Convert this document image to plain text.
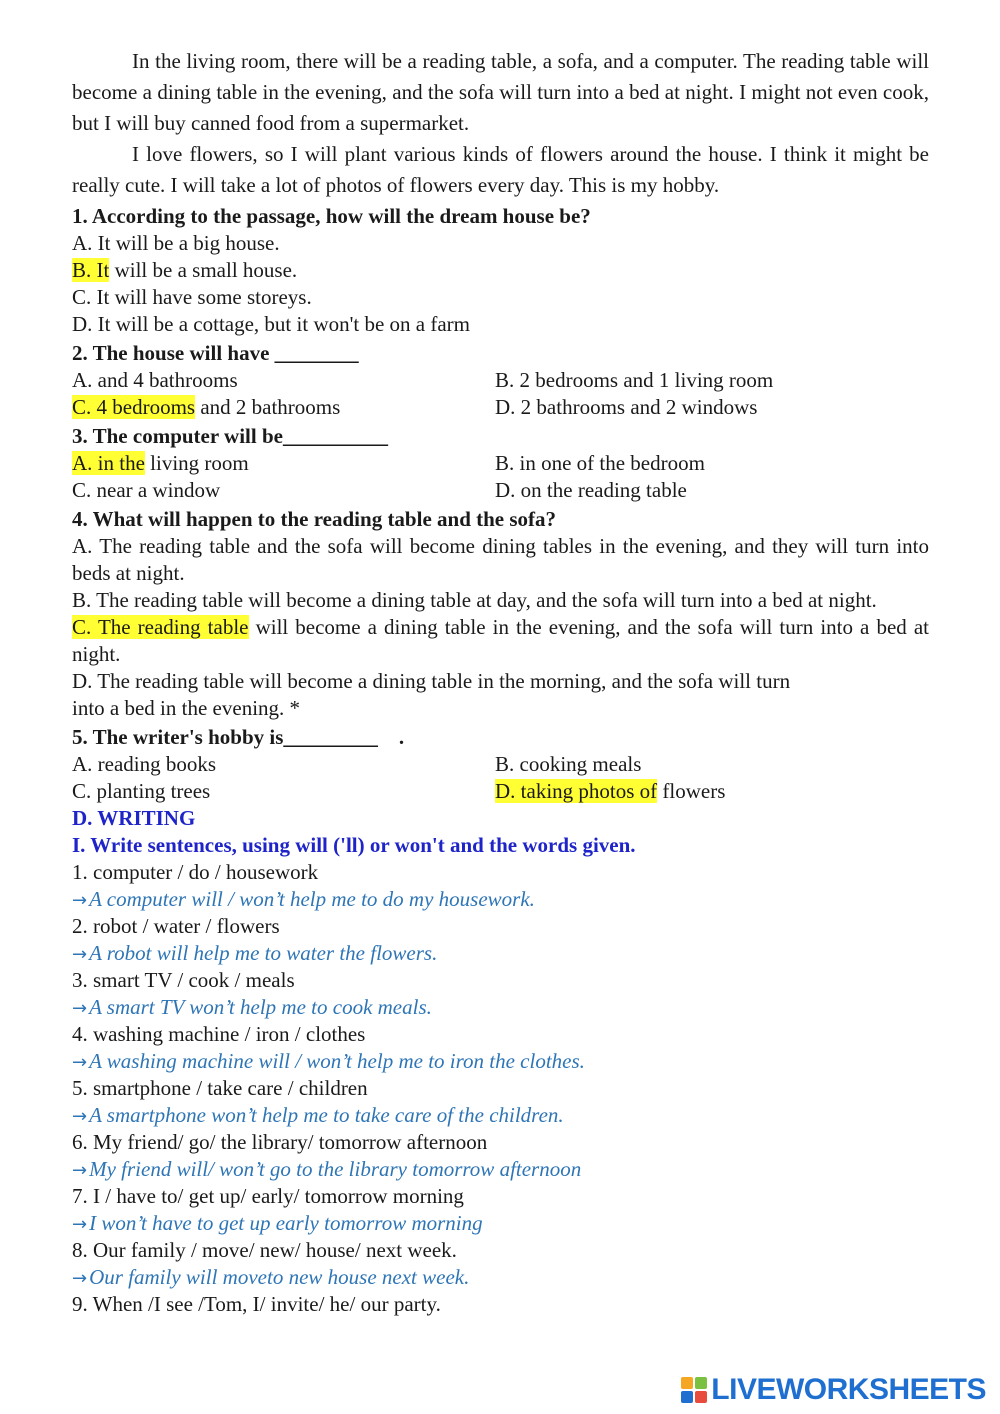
In the living room, there will be a reading table, a sofa, and a computer. The reading table will become a dining table in the evening, and the sofa will turn into a bed at night. I might not even cook, but I will buy canned food from a supermarket.

I love flowers, so I will plant various kinds of flowers around the house. I think it might be really cute. I will take a lot of photos of flowers every day. This is my hobby.

1. According to the passage, how will the dream house be?
A. It will be a big house.
B. It will be a small house.
C. It will have some storeys.
D. It will be a cottage, but it won't be on a farm
2. The house will have ________
A. and 4 bathrooms	B. 2 bedrooms and 1 living room
C. 4 bedrooms and 2 bathrooms	D. 2 bathrooms and 2 windows
3. The computer will be__________
A. in the living room	B. in one of the bedroom
C. near a window	D. on the reading table
4. What will happen to the reading table and the sofa?
A. The reading table and the sofa will become dining tables in the evening, and they will turn into beds at night.
B. The reading table will become a dining table at day, and the sofa will turn into a bed at night.
C. The reading table will become a dining table in the evening, and the sofa will turn into a bed at night.
D. The reading table will become a dining table in the morning, and the sofa will turn
into a bed in the evening. *
5. The writer's hobby is_________    .
A. reading books	B. cooking meals
C. planting trees	D. taking photos of flowers
D. WRITING
I. Write sentences, using will ('ll) or won't and the words given.
1. computer / do / housework
→A computer will / won’t help me to do my housework.
2. robot / water / flowers
→A robot will help me to water the flowers.
3. smart TV / cook / meals
→A smart TV won’t help me to cook meals.
4. washing machine / iron / clothes
→A washing machine will / won’t help me to iron the clothes.
5. smartphone / take care / children
→A smartphone won’t help me to take care of the children.
6. My friend/ go/ the library/ tomorrow afternoon
→My friend will/ won’t go to the library tomorrow afternoon
7. I / have to/ get up/ early/ tomorrow morning
→I won’t have to get up early tomorrow morning
8. Our family / move/ new/ house/ next week.
→Our family will moveto new house next week.
9. When /I see /Tom, I/ invite/ he/ our party.
LIVEWORKSHEETS
